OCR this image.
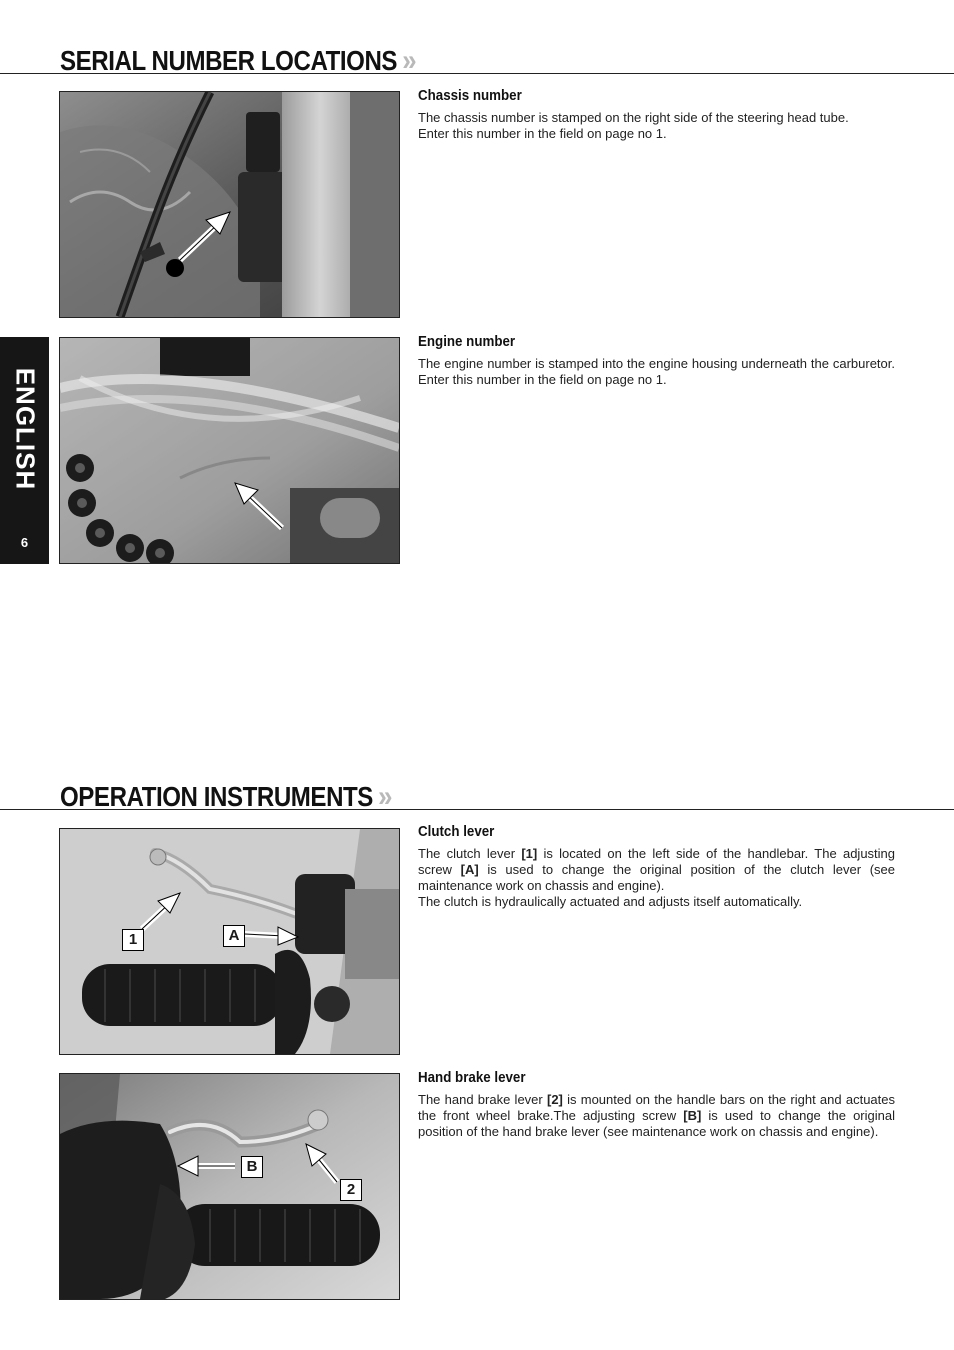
SERIAL NUMBER LOCATIONS »
Chassis number

The chassis number is stamped on the right side of the steering head tube.
Enter this number in the field on page no 1.

ENGLISH
6
Engine number

The engine number is stamped into the engine housing underneath the carburetor. Enter this number in the field on page no 1.

OPERATION INSTRUMENTS »
1	A
Clutch lever

The clutch lever [1] is located on the left side of the handlebar. The adjusting screw [A] is used to change the original position of the clutch lever (see maintenance work on chassis and engine).
The clutch is hydraulically actuated and adjusts itself automatically.

B
2
Hand brake lever

The hand brake lever [2] is mounted on the handle bars on the right and actuates the front wheel brake.The adjusting screw [B] is used to change the original position of the hand brake lever (see maintenance work on chassis and engine).
